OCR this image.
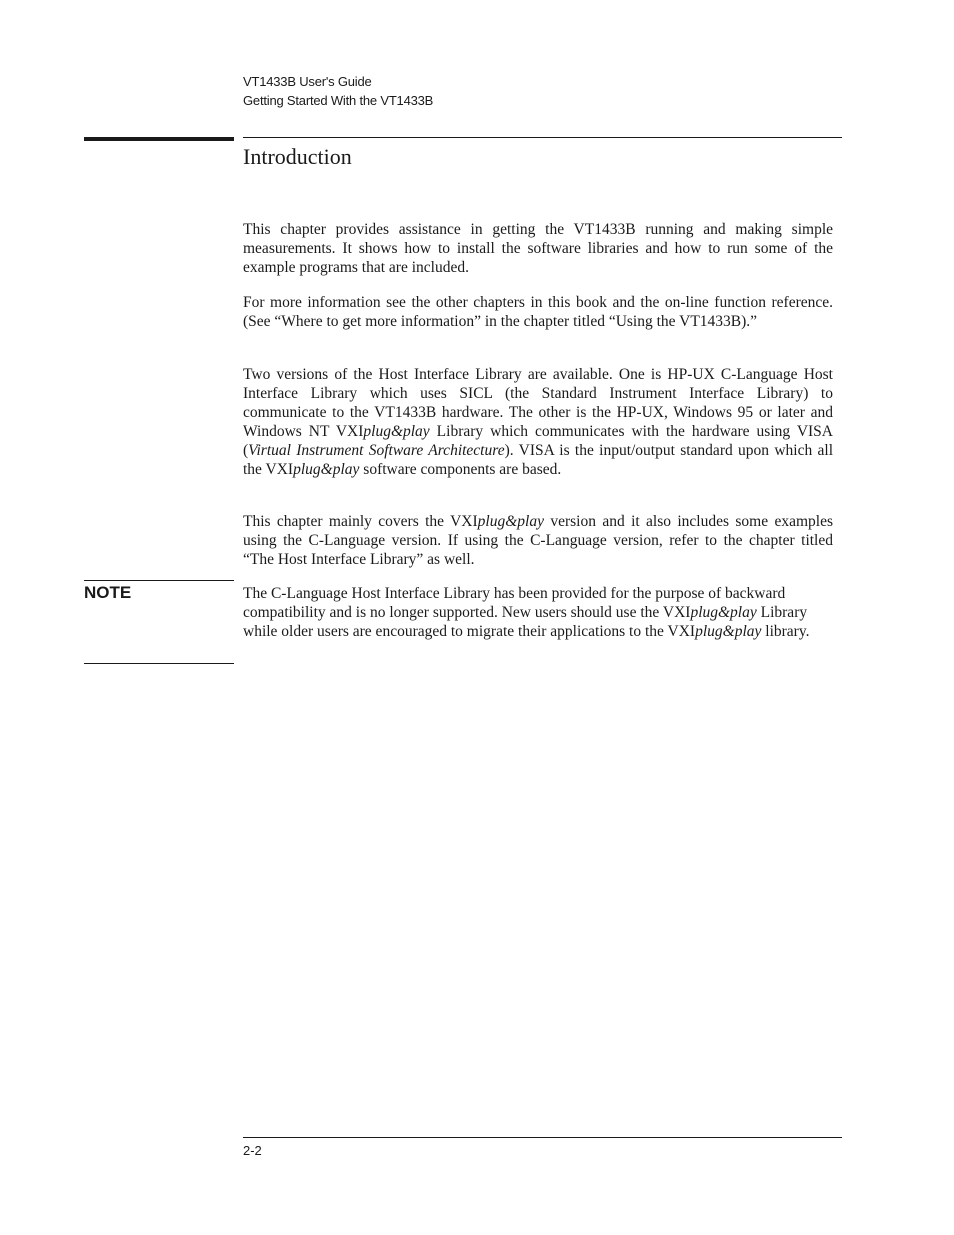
VT1433B User's Guide
Getting Started With the VT1433B
Introduction

This chapter provides assistance in getting the VT1433B running and making simple measurements. It shows how to install the software libraries and how to run some of the example programs that are included.

For more information see the other chapters in this book and the on-line function reference. (See “Where to get more information” in the chapter titled “Using the VT1433B).”

Two versions of the Host Interface Library are available. One is HP-UX C-Language Host Interface Library which uses SICL (the Standard Instrument Interface Library) to communicate to the VT1433B hardware. The other is the HP-UX, Windows 95 or later and Windows NT VXIplug&play Library which communicates with the hardware using VISA (Virtual Instrument Software Architecture). VISA is the input/output standard upon which all the VXIplug&play software components are based.

This chapter mainly covers the VXIplug&play version and it also includes some examples using the C-Language version. If using the C-Language version, refer to the chapter titled “The Host Interface Library” as well.

NOTE	The C-Language Host Interface Library has been provided for the purpose of backward compatibility and is no longer supported. New users should use the VXIplug&play Library while older users are encouraged to migrate their applications to the VXIplug&play library.

2-2
